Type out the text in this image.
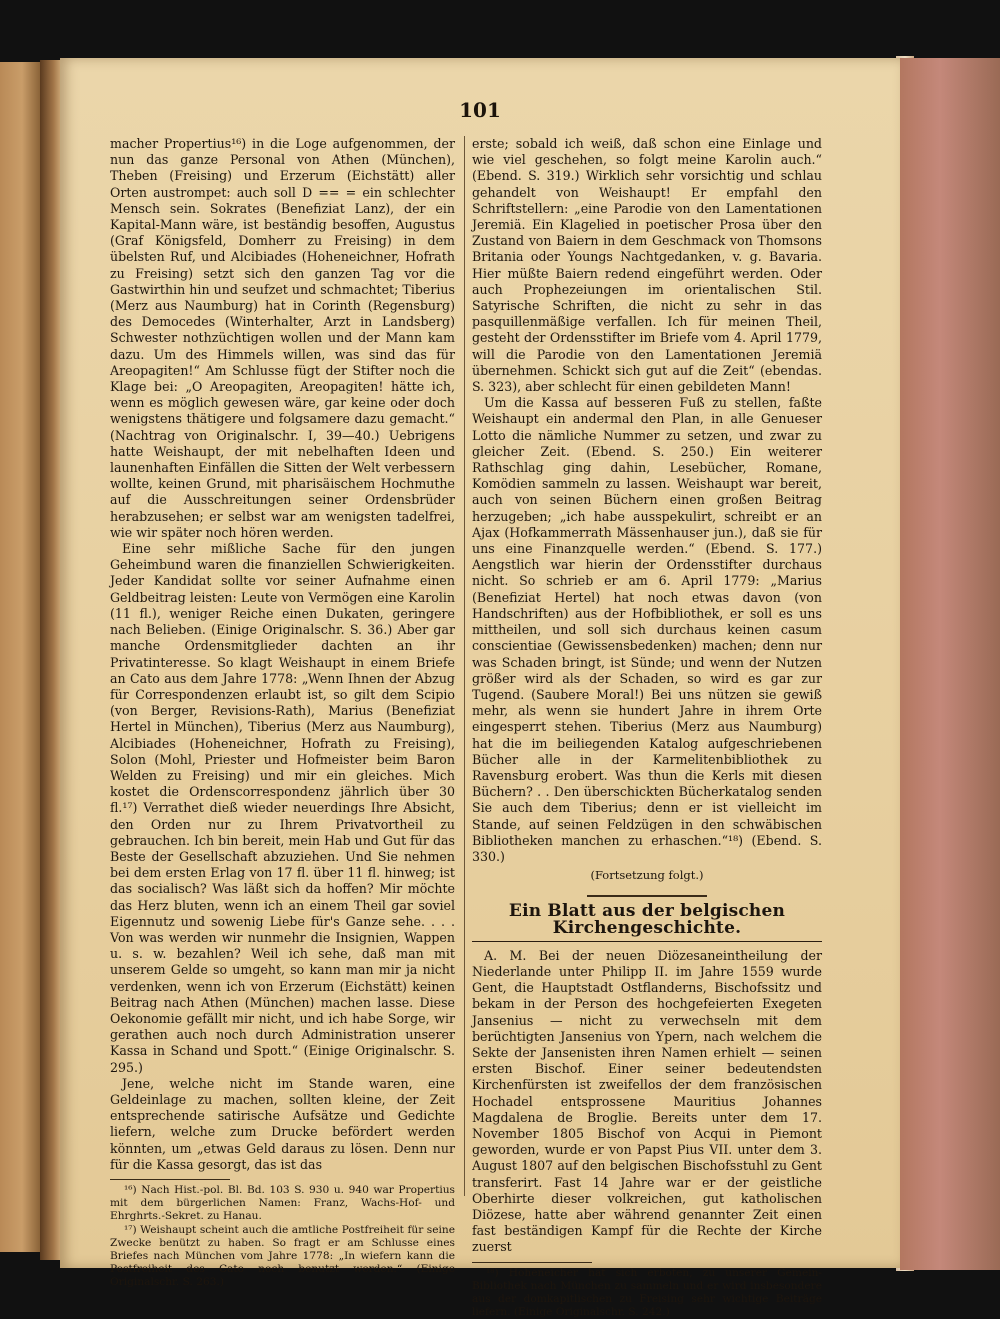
101

macher Propertius¹⁶) in die Loge aufgenommen, der nun das ganze Personal von Athen (München), Theben (Freising) und Erzerum (Eichstätt) aller Orten austrompet: auch soll D == = ein schlechter Mensch sein. Sokrates (Benefiziat Lanz), der ein Kapital-Mann wäre, ist beständig besoffen, Augustus (Graf Königsfeld, Domherr zu Freising) in dem übelsten Ruf, und Alcibiades (Hoheneichner, Hofrath zu Freising) setzt sich den ganzen Tag vor die Gastwirthin hin und seufzet und schmachtet; Tiberius (Merz aus Naumburg) hat in Corinth (Regensburg) des Democedes (Winterhalter, Arzt in Landsberg) Schwester nothzüchtigen wollen und der Mann kam dazu. Um des Himmels willen, was sind das für Areopagiten!“ Am Schlusse fügt der Stifter noch die Klage bei: „O Areopagiten, Areopagiten! hätte ich, wenn es möglich gewesen wäre, gar keine oder doch wenigstens thätigere und folgsamere dazu gemacht.“ (Nachtrag von Originalschr. I, 39—40.) Uebrigens hatte Weishaupt, der mit nebelhaften Ideen und launenhaften Einfällen die Sitten der Welt verbessern wollte, keinen Grund, mit pharisäischem Hochmuthe auf die Ausschreitungen seiner Ordensbrüder herabzusehen; er selbst war am wenigsten tadelfrei, wie wir später noch hören werden.

Eine sehr mißliche Sache für den jungen Geheimbund waren die finanziellen Schwierigkeiten. Jeder Kandidat sollte vor seiner Aufnahme einen Geldbeitrag leisten: Leute von Vermögen eine Karolin (11 fl.), weniger Reiche einen Dukaten, geringere nach Belieben. (Einige Originalschr. S. 36.) Aber gar manche Ordensmitglieder dachten an ihr Privatinteresse. So klagt Weishaupt in einem Briefe an Cato aus dem Jahre 1778: „Wenn Ihnen der Abzug für Correspondenzen erlaubt ist, so gilt dem Scipio (von Berger, Revisions-Rath), Marius (Benefiziat Hertel in München), Tiberius (Merz aus Naumburg), Alcibiades (Hoheneichner, Hofrath zu Freising), Solon (Mohl, Priester und Hofmeister beim Baron Welden zu Freising) und mir ein gleiches. Mich kostet die Ordenscorrespondenz jährlich über 30 fl.¹⁷) Verrathet dieß wieder neuerdings Ihre Absicht, den Orden nur zu Ihrem Privatvortheil zu gebrauchen. Ich bin bereit, mein Hab und Gut für das Beste der Gesellschaft abzuziehen. Und Sie nehmen bei dem ersten Erlag von 17 fl. über 11 fl. hinweg; ist das socialisch? Was läßt sich da hoffen? Mir möchte das Herz bluten, wenn ich an einem Theil gar soviel Eigennutz und sowenig Liebe für's Ganze sehe. . . . Von was werden wir nunmehr die Insignien, Wappen u. s. w. bezahlen? Weil ich sehe, daß man mit unserem Gelde so umgeht, so kann man mir ja nicht verdenken, wenn ich von Erzerum (Eichstätt) keinen Beitrag nach Athen (München) machen lasse. Diese Oekonomie gefällt mir nicht, und ich habe Sorge, wir gerathen auch noch durch Administration unserer Kassa in Schand und Spott.“ (Einige Originalschr. S. 295.)

Jene, welche nicht im Stande waren, eine Geldeinlage zu machen, sollten kleine, der Zeit entsprechende satirische Aufsätze und Gedichte liefern, welche zum Drucke befördert werden könnten, um „etwas Geld daraus zu lösen. Denn nur für die Kassa gesorgt, das ist das

¹⁶) Nach Hist.-pol. Bl. Bd. 103 S. 930 u. 940 war Propertius mit dem bürgerlichen Namen: Franz, Wachs-Hof- und Ehrghrts.-Sekret. zu Hanau.

¹⁷) Weishaupt scheint auch die amtliche Postfreiheit für seine Zwecke benützt zu haben. So fragt er am Schlusse eines Briefes nach München vom Jahre 1778: „In wiefern kann die Postfreiheit des Cato noch benutzt werden.“ (Einige Originalschr. S. 263.)

erste; sobald ich weiß, daß schon eine Einlage und wie viel geschehen, so folgt meine Karolin auch.“ (Ebend. S. 319.) Wirklich sehr vorsichtig und schlau gehandelt von Weishaupt! Er empfahl den Schriftstellern: „eine Parodie von den Lamentationen Jeremiä. Ein Klagelied in poetischer Prosa über den Zustand von Baiern in dem Geschmack von Thomsons Britania oder Youngs Nachtgedanken, v. g. Bavaria. Hier müßte Baiern redend eingeführt werden. Oder auch Prophezeiungen im orientalischen Stil. Satyrische Schriften, die nicht zu sehr in das pasquillenmäßige verfallen. Ich für meinen Theil, gesteht der Ordensstifter im Briefe vom 4. April 1779, will die Parodie von den Lamentationen Jeremiä übernehmen. Schickt sich gut auf die Zeit“ (ebendas. S. 323), aber schlecht für einen gebildeten Mann!

Um die Kassa auf besseren Fuß zu stellen, faßte Weishaupt ein andermal den Plan, in alle Genueser Lotto die nämliche Nummer zu setzen, und zwar zu gleicher Zeit. (Ebend. S. 250.) Ein weiterer Rathschlag ging dahin, Lesebücher, Romane, Komödien sammeln zu lassen. Weishaupt war bereit, auch von seinen Büchern einen großen Beitrag herzugeben; „ich habe ausspekulirt, schreibt er an Ajax (Hofkammerrath Mässenhauser jun.), daß sie für uns eine Finanzquelle werden.“ (Ebend. S. 177.) Aengstlich war hierin der Ordensstifter durchaus nicht. So schrieb er am 6. April 1779: „Marius (Benefiziat Hertel) hat noch etwas davon (von Handschriften) aus der Hofbibliothek, er soll es uns mittheilen, und soll sich durchaus keinen casum conscientiae (Gewissensbedenken) machen; denn nur was Schaden bringt, ist Sünde; und wenn der Nutzen größer wird als der Schaden, so wird es gar zur Tugend. (Saubere Moral!) Bei uns nützen sie gewiß mehr, als wenn sie hundert Jahre in ihrem Orte eingesperrt stehen. Tiberius (Merz aus Naumburg) hat die im beiliegenden Katalog aufgeschriebenen Bücher alle in der Karmelitenbibliothek zu Ravensburg erobert. Was thun die Kerls mit diesen Büchern? . . Den überschickten Bücherkatalog senden Sie auch dem Tiberius; denn er ist vielleicht im Stande, auf seinen Feldzügen in den schwäbischen Bibliotheken manchen zu erhaschen.“¹⁸) (Ebend. S. 330.)

(Fortsetzung folgt.)

Ein Blatt aus der belgischen Kirchengeschichte.

A. M. Bei der neuen Diözesaneintheilung der Niederlande unter Philipp II. im Jahre 1559 wurde Gent, die Hauptstadt Ostflanderns, Bischofssitz und bekam in der Person des hochgefeierten Exegeten Jansenius — nicht zu verwechseln mit dem berüchtigten Jansenius von Ypern, nach welchem die Sekte der Jansenisten ihren Namen erhielt — seinen ersten Bischof. Einer seiner bedeutendsten Kirchenfürsten ist zweifellos der dem französischen Hochadel entsprossene Mauritius Johannes Magdalena de Broglie. Bereits unter dem 17. November 1805 Bischof von Acqui in Piemont geworden, wurde er von Papst Pius VII. unter dem 3. August 1807 auf den belgischen Bischofsstuhl zu Gent transferirt. Fast 14 Jahre war er der geistliche Oberhirte dieser volkreichen, gut katholischen Diözese, hatte aber während genannter Zeit einen fast beständigen Kampf für die Rechte der Kirche zuerst

¹⁸) Hoheneicher hat sich erboten, zu unserer Gemein-Bibliothek nach München zu sammeln und er wird insbesondere aus der domkapitlischen zu Freising sehr wichtige Beiträge liefern. (Einige Originalschr. S. 242.)
